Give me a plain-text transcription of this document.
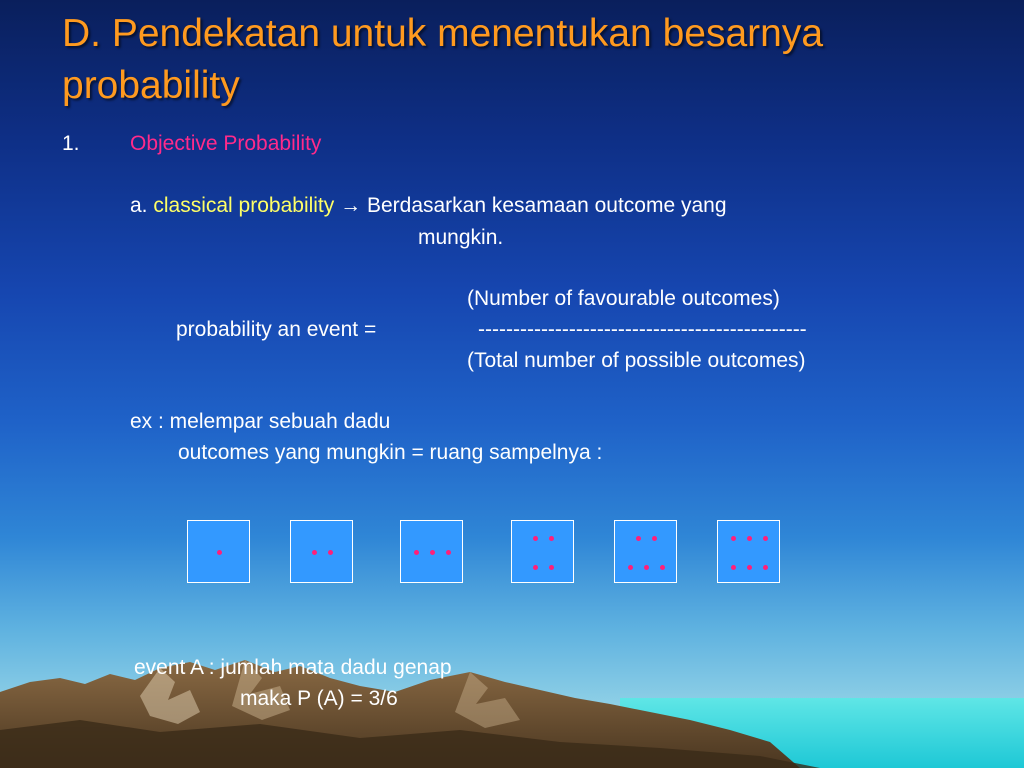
D. Pendekatan untuk menentukan besarnya
probability
1. Objective Probability
a. classical probability → Berdasarkan kesamaan outcome yang
mungkin.
(Number of favourable outcomes)
probability an event =	-----------------------------------------------
(Total number of possible outcomes)
ex : melempar sebuah dadu
outcomes yang mungkin = ruang sampelnya :
event A : jumlah mata dadu genap
maka P (A) = 3/6
